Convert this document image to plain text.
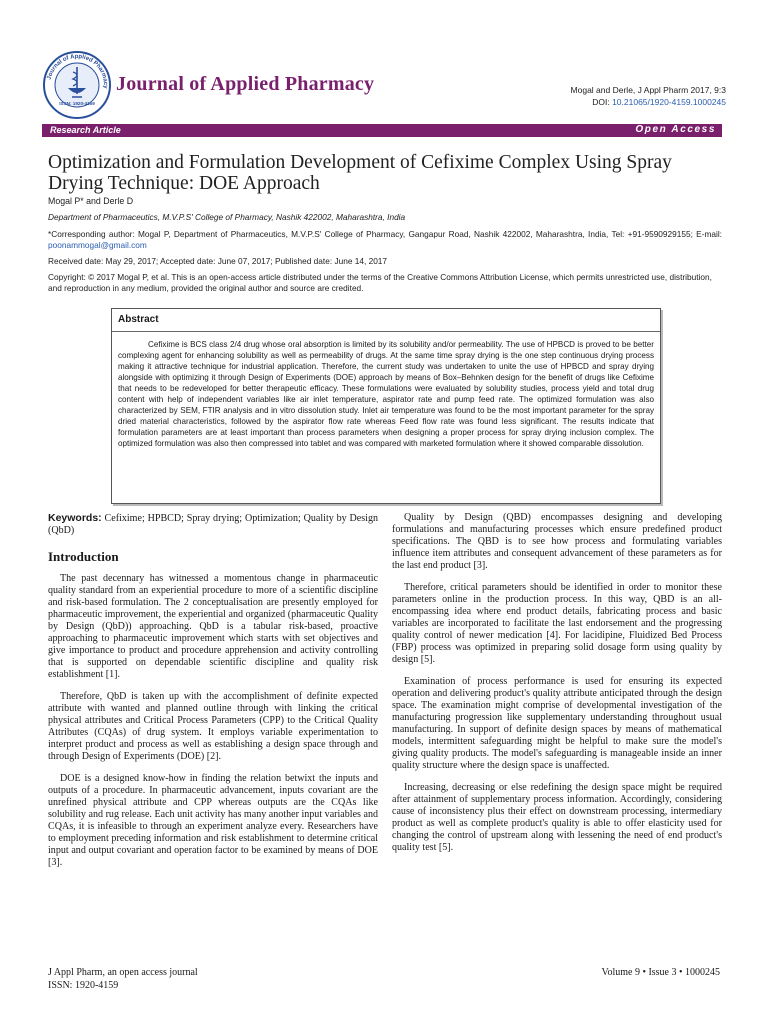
Journal of Applied Pharmacy
ISSN: 1920-4159
Journal of Applied Pharmacy	Mogal and Derle, J Appl Pharm 2017, 9:3
DOI: 10.21065/1920-4159.1000245
Research Article	Open Access
Optimization and Formulation Development of Cefixime Complex Using Spray Drying Technique: DOE Approach

Mogal P* and Derle D

Department of Pharmaceutics, M.V.P.S' College of Pharmacy, Nashik 422002, Maharashtra, India

*Corresponding author: Mogal P, Department of Pharmaceutics, M.V.P.S' College of Pharmacy, Gangapur Road, Nashik 422002, Maharashtra, India, Tel: +91-9590929155; E-mail: poonammogal@gmail.com

Received date: May 29, 2017; Accepted date: June 07, 2017; Published date: June 14, 2017

Copyright: © 2017 Mogal P, et al. This is an open-access article distributed under the terms of the Creative Commons Attribution License, which permits unrestricted use, distribution, and reproduction in any medium, provided the original author and source are credited.

Abstract

Cefixime is BCS class 2/4 drug whose oral absorption is limited by its solubility and/or permeability. The use of HPBCD is proved to be better complexing agent for enhancing solubility as well as permeability of drugs. At the same time spray drying is the one step continuous drying process making it attractive technique for industrial application. Therefore, the current study was undertaken to unite the use of HPBCD and spray drying alongside with optimizing it through Design of Experiments (DOE) approach by means of Box–Behnken design for the benefit of drugs like Cefixime that needs to be redeveloped for better therapeutic efficacy. These formulations were evaluated by solubility studies, process yield and total drug content with help of independent variables like air inlet temperature, aspirator rate and pump feed rate. The optimized formulation was also characterized by SEM, FTIR analysis and in vitro dissolution study. Inlet air temperature was found to be the most important parameter for the spray dried material characteristics, followed by the aspirator flow rate whereas Feed flow rate was found less significant. The results indicate that formulation parameters are at least important than process parameters when designing a proper process for spray drying inclusion complex. The optimized formulation was also then compressed into tablet and was compared with marketed formulation where it showed comparable dissolution.

Keywords: Cefixime; HPBCD; Spray drying; Optimization; Quality by Design (QbD)

Introduction

The past decennary has witnessed a momentous change in pharmaceutic quality standard from an experiential procedure to more of a scientific discipline and risk-based formulation. The 2 conceptualisation are presently employed for pharmaceutic improvement, the experiential and organized (pharmaceutic Quality by Design (QbD)) approaching. QbD is a tabular risk-based, proactive approaching to pharmaceutic improvement which starts with set objectives and give importance to product and procedure apprehension and activity controlling that is supported on dependable scientific discipline and quality risk establishment [1].

Therefore, QbD is taken up with the accomplishment of definite expected attribute with wanted and planned outline through with linking the critical physical attributes and Critical Process Parameters (CPP) to the Critical Quality Attributes (CQAs) of drug system. It employs variable experimentation to interpret product and process as well as establishing a design space through and through Design of Experiments (DOE) [2].

DOE is a designed know-how in finding the relation betwixt the inputs and outputs of a procedure. In pharmaceutic advancement, inputs covariant are the unrefined physical attribute and CPP whereas outputs are the CQAs like solubility and rug release. Each unit activity has many another input variables and CQAs, it is infeasible to through an experiment analyze every. Researchers have to employment preceding information and risk establishment to determine critical input and output covariant and operation factor to be examined by means of DOE [3].

Quality by Design (QBD) encompasses designing and developing formulations and manufacturing processes which ensure predefined product specifications. The QBD is to see how process and formulating variables influence item attributes and consequent advancement of these parameters as for the last end product [3].

Therefore, critical parameters should be identified in order to monitor these parameters online in the production process. In this way, QBD is an all-encompassing idea where end product details, fabricating process and basic variables are incorporated to facilitate the last endorsement and the progressing quality control of newer medication [4]. For lacidipine, Fluidized Bed Process (FBP) process was optimized in preparing solid dosage form using quality by design [5].

Examination of process performance is used for ensuring its expected operation and delivering product's quality attribute anticipated through the design space. The examination might comprise of developmental investigation of the manufacturing progression like supplementary understanding throughout usual manufacturing. In support of definite design spaces by means of mathematical models, intermittent safeguarding might be helpful to make sure the model's giving quality products. The model's safeguarding is manageable inside an inner quality structure where the design space is unaffected.

Increasing, decreasing or else redefining the design space might be required after attainment of supplementary process information. Accordingly, considering cause of inconsistency plus their effect on downstream processing, intermediary product as well as complete product's quality is able to offer elasticity used for changing the control of upstream along with lessening the need of end product's quality test [5].

J Appl Pharm, an open access journal
ISSN: 1920-4159
Volume 9 • Issue 3 • 1000245
